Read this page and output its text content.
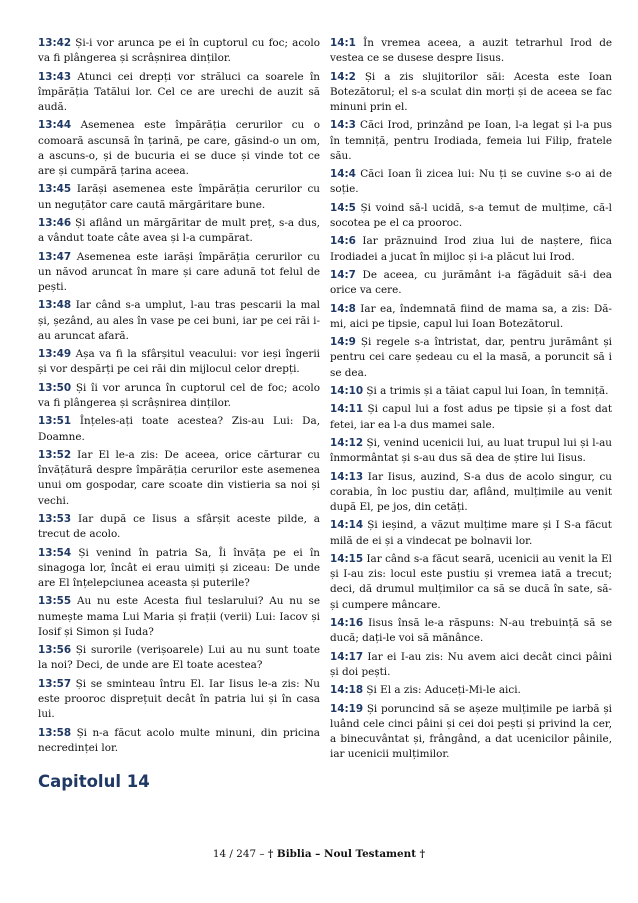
13:42 Și-i vor arunca pe ei în cuptorul cu foc; acolo va fi plângerea și scrâșnirea dinților.

13:43 Atunci cei drepți vor străluci ca soarele în împărăția Tatălui lor. Cel ce are urechi de auzit să audă.

13:44 Asemenea este împărăția cerurilor cu o comoară ascunsă în țarină, pe care, găsind-o un om, a ascuns-o, și de bucuria ei se duce și vinde tot ce are și cumpără țarina aceea.

13:45 Iarăși asemenea este împărăția cerurilor cu un neguțător care caută mărgăritare bune.

13:46 Și aflând un mărgăritar de mult preț, s-a dus, a vândut toate câte avea și l-a cumpărat.

13:47 Asemenea este iarăși împărăția cerurilor cu un năvod aruncat în mare și care adună tot felul de pești.

13:48 Iar când s-a umplut, l-au tras pescarii la mal și, șezând, au ales în vase pe cei buni, iar pe cei răi i-au aruncat afară.

13:49 Așa va fi la sfârșitul veacului: vor ieși îngerii și vor despărți pe cei răi din mijlocul celor drepți.

13:50 Și îi vor arunca în cuptorul cel de foc; acolo va fi plângerea și scrâșnirea dinților.

13:51 Înțeles-ați toate acestea? Zis-au Lui: Da, Doamne.

13:52 Iar El le-a zis: De aceea, orice cărturar cu învățătură despre împărăția cerurilor este asemenea unui om gospodar, care scoate din vistieria sa noi și vechi.

13:53 Iar după ce Iisus a sfârșit aceste pilde, a trecut de acolo.

13:54 Și venind în patria Sa, Îi învăța pe ei în sinagoga lor, încât ei erau uimiți și ziceau: De unde are El înțelepciunea aceasta și puterile?

13:55 Au nu este Acesta fiul teslarului? Au nu se numește mama Lui Maria și frații (verii) Lui: Iacov și Iosif și Simon și Iuda?

13:56 Și surorile (verișoarele) Lui au nu sunt toate la noi? Deci, de unde are El toate acestea?

13:57 Și se sminteau întru El. Iar Iisus le-a zis: Nu este prooroc disprețuit decât în patria lui și în casa lui.

13:58 Și n-a făcut acolo multe minuni, din pricina necredinței lor.

Capitolul 14

14:1 În vremea aceea, a auzit tetrarhul Irod de vestea ce se dusese despre Iisus.

14:2 Și a zis slujitorilor săi: Acesta este Ioan Botezătorul; el s-a sculat din morți și de aceea se fac minuni prin el.

14:3 Căci Irod, prinzând pe Ioan, l-a legat și l-a pus în temniță, pentru Irodiada, femeia lui Filip, fratele său.

14:4 Căci Ioan îi zicea lui: Nu ți se cuvine s-o ai de soție.

14:5 Și voind să-l ucidă, s-a temut de mulțime, că-l socotea pe el ca prooroc.

14:6 Iar prăznuind Irod ziua lui de naștere, fiica Irodiadei a jucat în mijloc și i-a plăcut lui Irod.

14:7 De aceea, cu jurământ i-a făgăduit să-i dea orice va cere.

14:8 Iar ea, îndemnată fiind de mama sa, a zis: Dă-mi, aici pe tipsie, capul lui Ioan Botezătorul.

14:9 Și regele s-a întristat, dar, pentru jurământ și pentru cei care ședeau cu el la masă, a poruncit să i se dea.

14:10 Și a trimis și a tăiat capul lui Ioan, în temniță.

14:11 Și capul lui a fost adus pe tipsie și a fost dat fetei, iar ea l-a dus mamei sale.

14:12 Și, venind ucenicii lui, au luat trupul lui și l-au înmormântat și s-au dus să dea de știre lui Iisus.

14:13 Iar Iisus, auzind, S-a dus de acolo singur, cu corabia, în loc pustiu dar, aflând, mulțimile au venit după El, pe jos, din cetăți.

14:14 Și ieșind, a văzut mulțime mare și I S-a făcut milă de ei și a vindecat pe bolnavii lor.

14:15 Iar când s-a făcut seară, ucenicii au venit la El și I-au zis: locul este pustiu și vremea iată a trecut; deci, dă drumul mulțimilor ca să se ducă în sate, să-și cumpere mâncare.

14:16 Iisus însă le-a răspuns: N-au trebuință să se ducă; dați-le voi să mănânce.

14:17 Iar ei I-au zis: Nu avem aici decât cinci pâini și doi pești.

14:18 Și El a zis: Aduceți-Mi-le aici.

14:19 Și poruncind să se așeze mulțimile pe iarbă și luând cele cinci pâini și cei doi pești și privind la cer, a binecuvântat și, frângând, a dat ucenicilor pâinile, iar ucenicii mulțimilor.

14 / 247 – † Biblia – Noul Testament †
